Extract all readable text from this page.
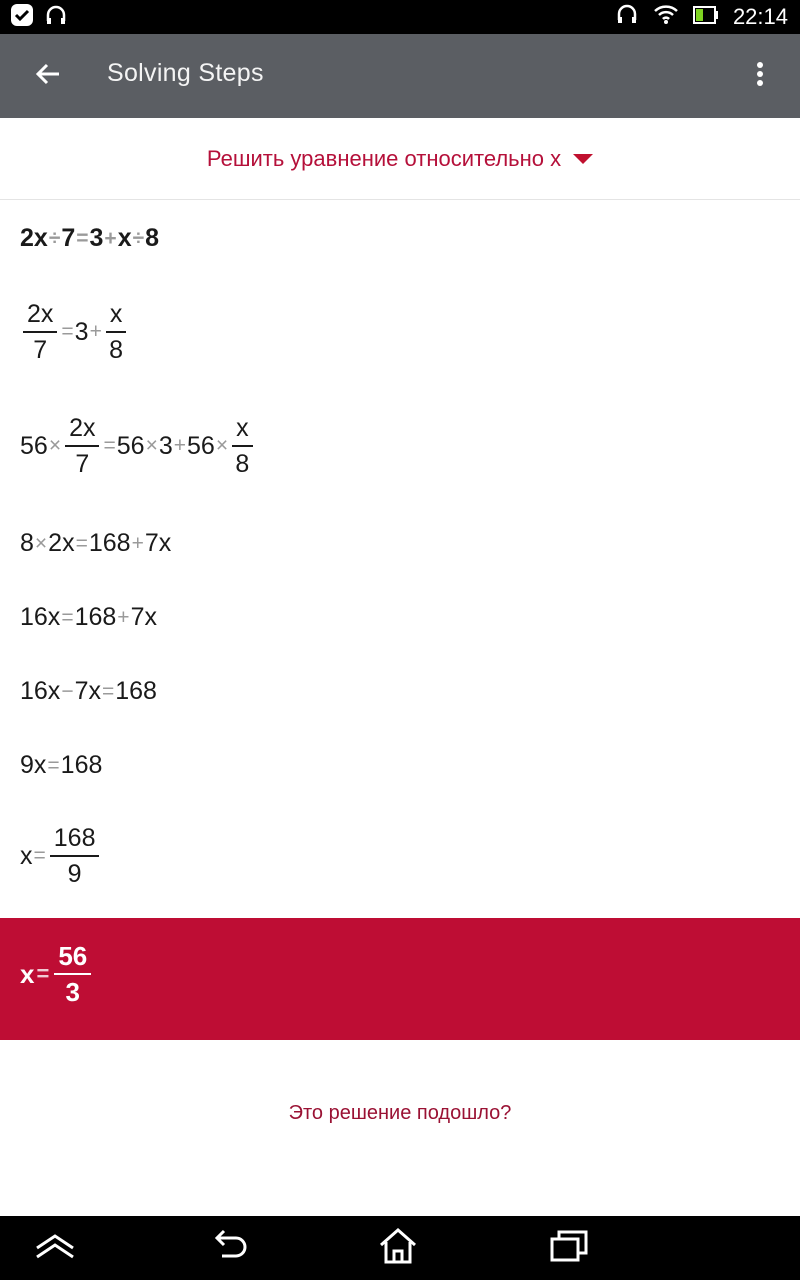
22:14
Solving Steps
Решить уравнение относительно x
2x ÷ 7 = 3 + x ÷ 8
$\frac{2x}{7} = 3 + \frac{x}{8}$
$56 \times \frac{2x}{7} = 56 \times 3 + 56 \times \frac{x}{8}$
8 × 2x = 168 + 7x
16x = 168 + 7x
16x − 7x = 168
9x = 168
$x = \frac{168}{9}$
$x = \frac{56}{3}$
Это решение подошло?
